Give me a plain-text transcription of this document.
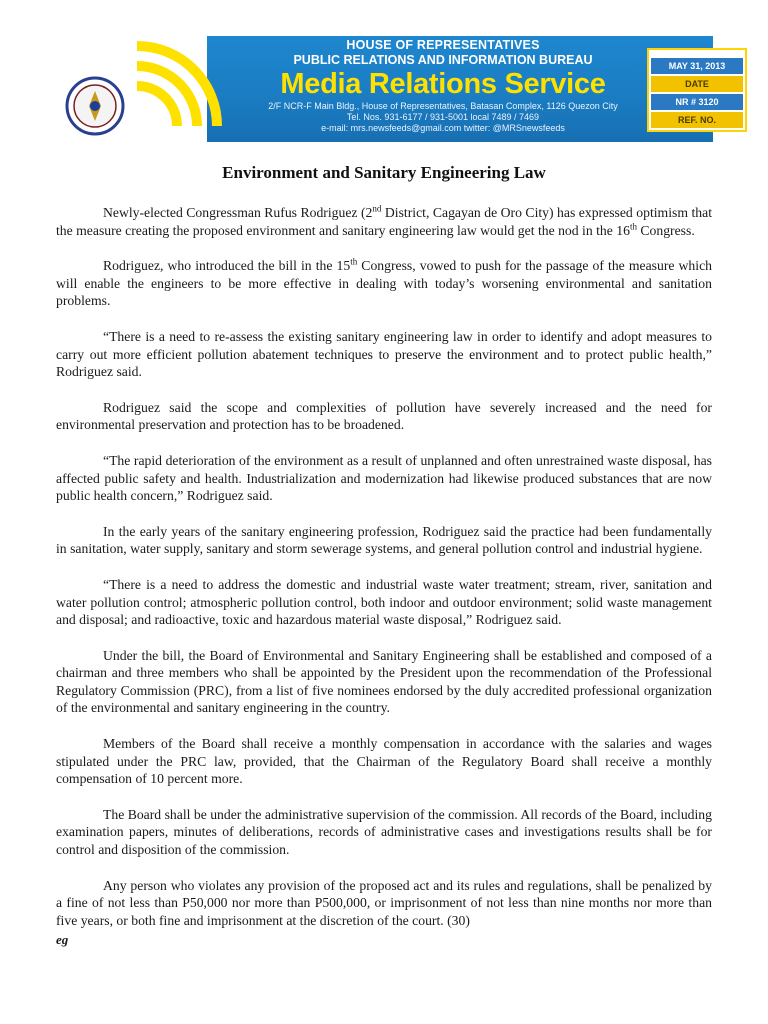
HOUSE OF REPRESENTATIVES
PUBLIC RELATIONS AND INFORMATION BUREAU
Media Relations Service
2/F NCR-F Main Bldg., House of Representatives, Batasan Complex, 1126 Quezon City
Tel. Nos. 931-6177 / 931-5001 local 7489 / 7469
e-mail: mrs.newsfeeds@gmail.com twitter: @MRSnewsfeeds
MAY 31, 2013
DATE
NR # 3120
REF. NO.
Environment and Sanitary Engineering Law

Newly-elected Congressman Rufus Rodriguez (2nd District, Cagayan de Oro City) has expressed optimism that the measure creating the proposed environment and sanitary engineering law would get the nod in the 16th Congress.

Rodriguez, who introduced the bill in the 15th Congress, vowed to push for the passage of the measure which will enable the engineers to be more effective in dealing with today’s worsening environmental and sanitation problems.

“There is a need to re-assess the existing sanitary engineering law in order to identify and adopt measures to carry out more efficient pollution abatement techniques to preserve the environment and to protect public health,” Rodriguez said.

Rodriguez said the scope and complexities of pollution have severely increased and the need for environmental preservation and protection has to be broadened.

“The rapid deterioration of the environment as a result of unplanned and often unrestrained waste disposal, has affected public safety and health. Industrialization and modernization had likewise produced substances that are now public health concern,” Rodriguez said.

In the early years of the sanitary engineering profession, Rodriguez said the practice had been fundamentally in sanitation, water supply, sanitary and storm sewerage systems, and general pollution control and industrial hygiene.

“There is a need to address the domestic and industrial waste water treatment; stream, river, sanitation and water pollution control; atmospheric pollution control, both indoor and outdoor environment; solid waste management and disposal; and radioactive, toxic and hazardous material waste disposal,” Rodriguez said.

Under the bill, the Board of Environmental and Sanitary Engineering shall be established and composed of a chairman and three members who shall be appointed by the President upon the recommendation of the Professional Regulatory Commission (PRC), from a list of five nominees endorsed by the duly accredited professional organization of the environmental and sanitary engineering in the country.

Members of the Board shall receive a monthly compensation in accordance with the salaries and wages stipulated under the PRC law, provided, that the Chairman of the Regulatory Board shall receive a monthly compensation of 10 percent more.

The Board shall be under the administrative supervision of the commission. All records of the Board, including examination papers, minutes of deliberations, records of administrative cases and investigations results shall be for control and disposition of the commission.

Any person who violates any provision of the proposed act and its rules and regulations, shall be penalized by a fine of not less than P50,000 nor more than P500,000, or imprisonment of not less than nine months nor more than five years, or both fine and imprisonment at the discretion of the court. (30)

eg
